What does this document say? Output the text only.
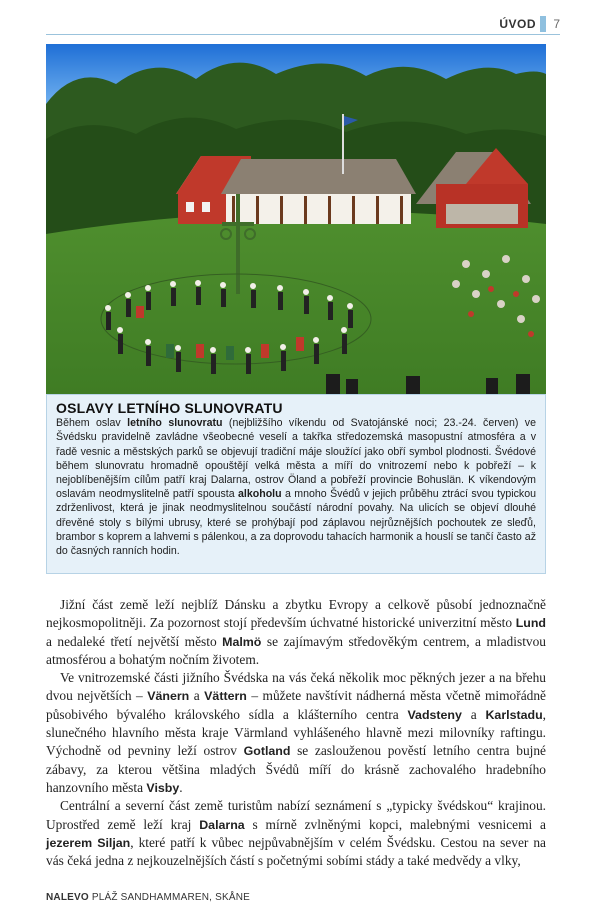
ÚVOD 7
OSLAVY LETNÍHO SLUNOVRATU

Během oslav letního slunovratu (nejbližšího víkendu od Svatojánské noci; 23.-24. červen) ve Švédsku pravidelně zavládne všeobecné veselí a takřka středozemská masopustní atmosféra a v řadě vesnic a městských parků se objevují tradiční máje sloužící jako obří symbol plodnosti. Švédové během slunovratu hromadně opouštějí velká města a míří do vnitrozemí nebo k pobřeží – k nejoblíbenějším cílům patří kraj Dalarna, ostrov Öland a pobřeží provincie Bohuslän. K víkendovým oslavám neodmyslitelně patří spousta alkoholu a mnoho Švédů v jejich průběhu ztrácí svou typickou zdrženlivost, která je jinak neodmyslitelnou součástí národní povahy. Na ulicích se objeví dlouhé dřevěné stoly s bílými ubrusy, které se prohýbají pod záplavou nejrůznějších pochoutek ze sleďů, brambor s koprem a lahvemi s pálenkou, a za doprovodu tahacích harmonik a houslí se tančí často až do časných ranních hodin.

Jižní část země leží nejblíž Dánsku a zbytku Evropy a celkově působí jednoznačně nejkosmopolitněji. Za pozornost stojí především úchvatné historické univerzitní město Lund a nedaleké třetí největší město Malmö se zajímavým středověkým centrem, a mladistvou atmosférou a bohatým nočním životem.

Ve vnitrozemské části jižního Švédska na vás čeká několik moc pěkných jezer a na břehu dvou největších – Vänern a Vättern – můžete navštívit nádherná města včetně mimořádně působivého bývalého královského sídla a klášterního centra Vadsteny a Karlstadu, slunečného hlavního města kraje Värmland vyhlášeného hlavně mezi milovníky raftingu. Východně od pevniny leží ostrov Gotland se zaslouženou pověstí letního centra bujné zábavy, za kterou většina mladých Švédů míří do krásně zachovalého hradebního hanzovního města Visby.

Centrální a severní část země turistům nabízí seznámení s „typicky švédskou“ krajinou. Uprostřed země leží kraj Dalarna s mírně zvlněnými kopci, malebnými vesnicemi a jezerem Siljan, které patří k vůbec nejpůvabnějším v celém Švédsku. Cestou na sever na vás čeká jedna z nejkouzelnějších částí s početnými sobími stády a také medvědy a vlky,

NALEVO PLÁŽ SANDHAMMAREN, SKÅNE
